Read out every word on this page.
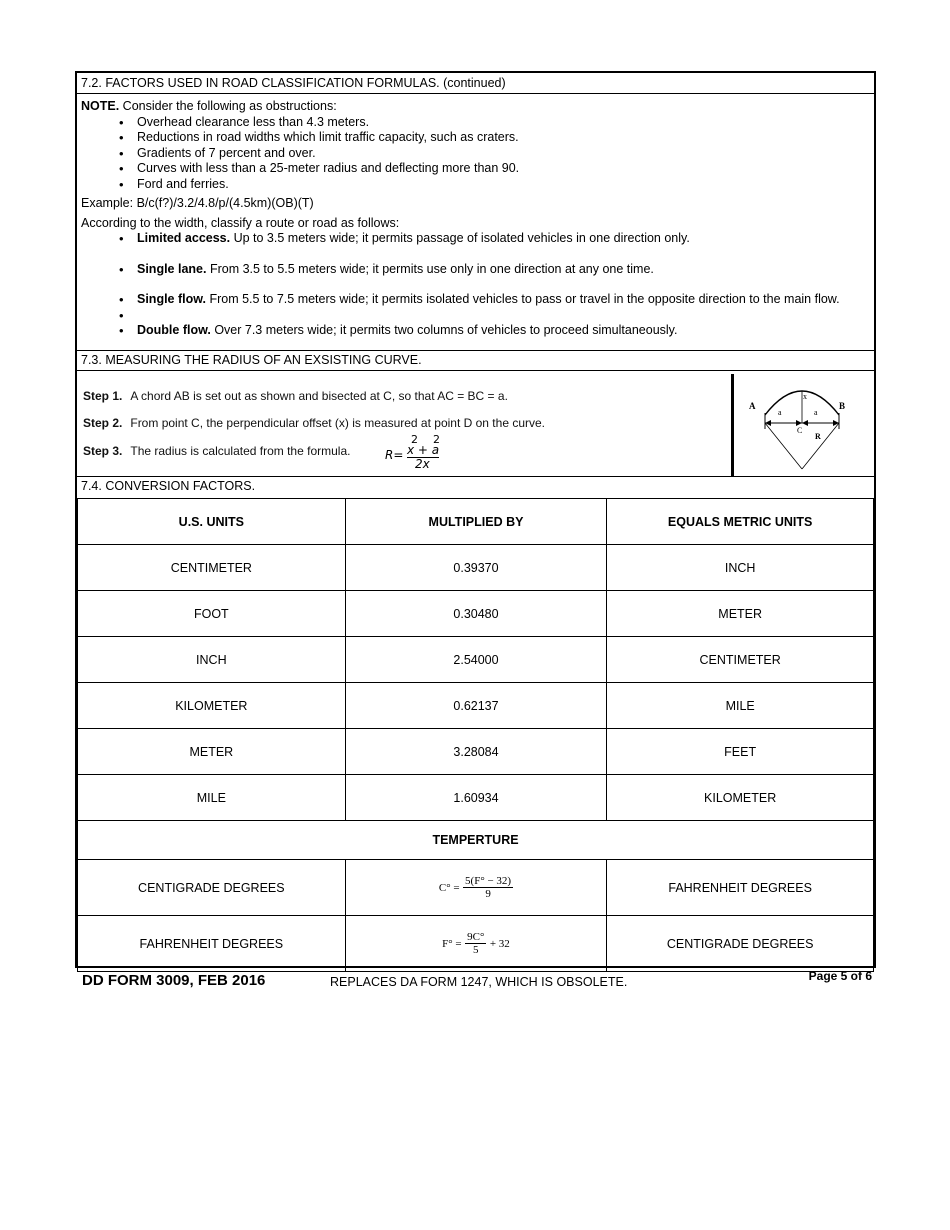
7.2. FACTORS USED IN ROAD CLASSIFICATION FORMULAS. (continued)
NOTE. Consider the following as obstructions:
• Overhead clearance less than 4.3 meters.
• Reductions in road widths which limit traffic capacity, such as craters.
• Gradients of 7 percent and over.
• Curves with less than a 25-meter radius and deflecting more than 90.
• Ford and ferries.
Example: B/c(f?)/3.2/4.8/p/(4.5km)(OB)(T)
According to the width, classify a route or road as follows:
• Limited access. Up to 3.5 meters wide; it permits passage of isolated vehicles in one direction only.
• Single lane. From 3.5 to 5.5 meters wide; it permits use only in one direction at any one time.
• Single flow. From 5.5 to 7.5 meters wide; it permits isolated vehicles to pass or travel in the opposite direction to the main flow.
•

• Double flow. Over 7.3 meters wide; it permits two columns of vehicles to proceed simultaneously.
7.3. MEASURING THE RADIUS OF AN EXSISTING CURVE.
Step 1. A chord AB is set out as shown and bisected at C, so that AC = BC = a.
Step 2. From point C, the perpendicular offset (x) is measured at point D on the curve.
Step 3. The radius is calculated from the formula.	R=
2 2
x + a
2x
A	B
C
a	a
x
R
7.4. CONVERSION FACTORS.
U.S. UNITS	MULTIPLIED BY	EQUALS METRIC UNITS
CENTIMETER	0.39370	INCH
FOOT	0.30480	METER
INCH	2.54000	CENTIMETER
KILOMETER	0.62137	MILE
METER	3.28084	FEET
MILE	1.60934	KILOMETER
TEMPERTURE		
CENTIGRADE DEGREES	$C^\circ = \frac{5(F^\circ - 32)}{9}$	FAHRENHEIT DEGREES
FAHRENHEIT DEGREES	$F^\circ = \frac{9C^\circ}{5} + 32$	CENTIGRADE DEGREES
DD FORM 3009, FEB 2016	REPLACES DA FORM 1247, WHICH IS OBSOLETE.	Page 5 of 6
